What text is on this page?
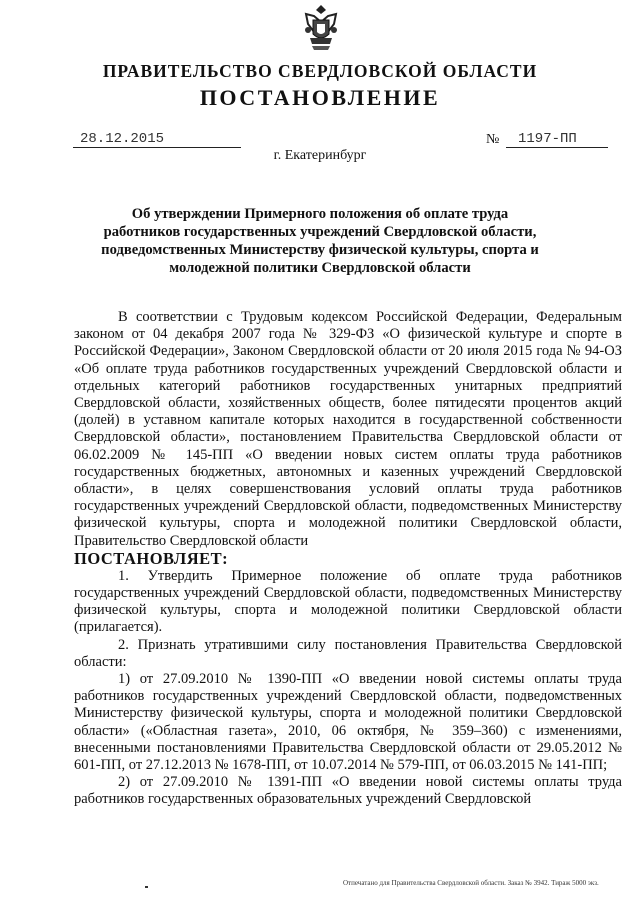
ПРАВИТЕЛЬСТВО СВЕРДЛОВСКОЙ ОБЛАСТИ
ПОСТАНОВЛЕНИЕ
28.12.2015	№ 1197-ПП
г. Екатеринбург
Об утверждении Примерного положения об оплате труда работников государственных учреждений Свердловской области, подведомственных Министерству физической культуры, спорта и молодежной политики Свердловской области

В соответствии с Трудовым кодексом Российской Федерации, Федеральным законом от 04 декабря 2007 года № 329-ФЗ «О физической культуре и спорте в Российской Федерации», Законом Свердловской области от 20 июля 2015 года № 94-ОЗ «Об оплате труда работников государственных учреждений Свердловской области и отдельных категорий работников государственных унитарных предприятий Свердловской области, хозяйственных обществ, более пятидесяти процентов акций (долей) в уставном капитале которых находится в государственной собственности Свердловской области», постановлением Правительства Свердловской области от 06.02.2009 № 145-ПП «О введении новых систем оплаты труда работников государственных бюджетных, автономных и казенных учреждений Свердловской области», в целях совершенствования условий оплаты труда работников государственных учреждений Свердловской области, подведомственных Министерству физической культуры, спорта и молодежной политики Свердловской области, Правительство Свердловской области

ПОСТАНОВЛЯЕТ:

1. Утвердить Примерное положение об оплате труда работников государственных учреждений Свердловской области, подведомственных Министерству физической культуры, спорта и молодежной политики Свердловской области (прилагается).

2. Признать утратившими силу постановления Правительства Свердловской области:

1) от 27.09.2010 № 1390-ПП «О введении новой системы оплаты труда работников государственных учреждений Свердловской области, подведомственных Министерству физической культуры, спорта и молодежной политики Свердловской области» («Областная газета», 2010, 06 октября, № 359–360) с изменениями, внесенными постановлениями Правительства Свердловской области от 29.05.2012 № 601-ПП, от 27.12.2013 № 1678-ПП, от 10.07.2014 № 579-ПП, от 06.03.2015 № 141-ПП;

2) от 27.09.2010 № 1391-ПП «О введении новой системы оплаты труда работников государственных образовательных учреждений Свердловской

Отпечатано для Правительства Свердловской области. Заказ № 3942. Тираж 5000 экз.
